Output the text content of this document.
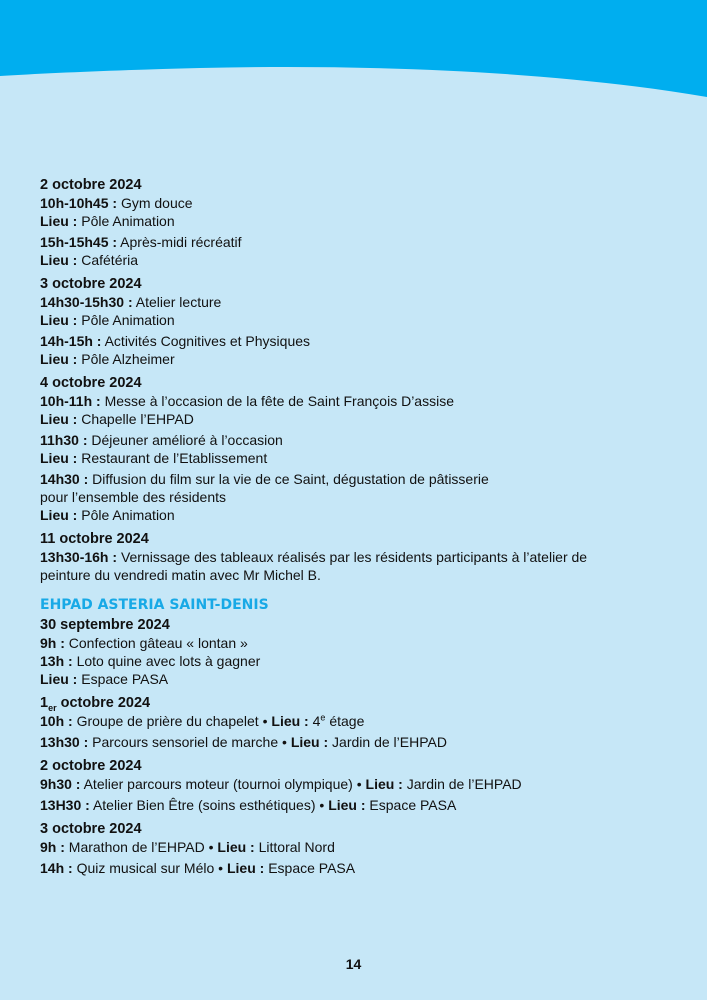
2 octobre 2024
10h-10h45 : Gym douce
Lieu : Pôle Animation
15h-15h45 : Après-midi récréatif
Lieu : Cafétéria
3 octobre 2024
14h30-15h30 : Atelier lecture
Lieu : Pôle Animation
14h-15h : Activités Cognitives et Physiques
Lieu : Pôle Alzheimer
4 octobre 2024
10h-11h : Messe à l’occasion de la fête de Saint François D’assise
Lieu : Chapelle l’EHPAD
11h30 : Déjeuner amélioré à l’occasion
Lieu : Restaurant de l’Etablissement
14h30 : Diffusion du film sur la vie de ce Saint, dégustation de pâtisserie
pour l’ensemble des résidents
Lieu : Pôle Animation
11 octobre 2024
13h30-16h : Vernissage des tableaux réalisés par les résidents participants à l’atelier de
peinture du vendredi matin avec Mr Michel B.
EHPAD ASTERIA SAINT-DENIS
30 septembre 2024
9h : Confection gâteau « lontan »
13h : Loto quine avec lots à gagner
Lieu : Espace PASA
$1_{er}$ octobre 2024
10h : Groupe de prière du chapelet • Lieu : 4e étage
13h30 : Parcours sensoriel de marche • Lieu : Jardin de l’EHPAD
2 octobre 2024
9h30 : Atelier parcours moteur (tournoi olympique) • Lieu : Jardin de l’EHPAD
13H30 : Atelier Bien Être (soins esthétiques) • Lieu : Espace PASA
3 octobre 2024
9h : Marathon de l’EHPAD • Lieu : Littoral Nord
14h : Quiz musical sur Mélo • Lieu : Espace PASA
14
